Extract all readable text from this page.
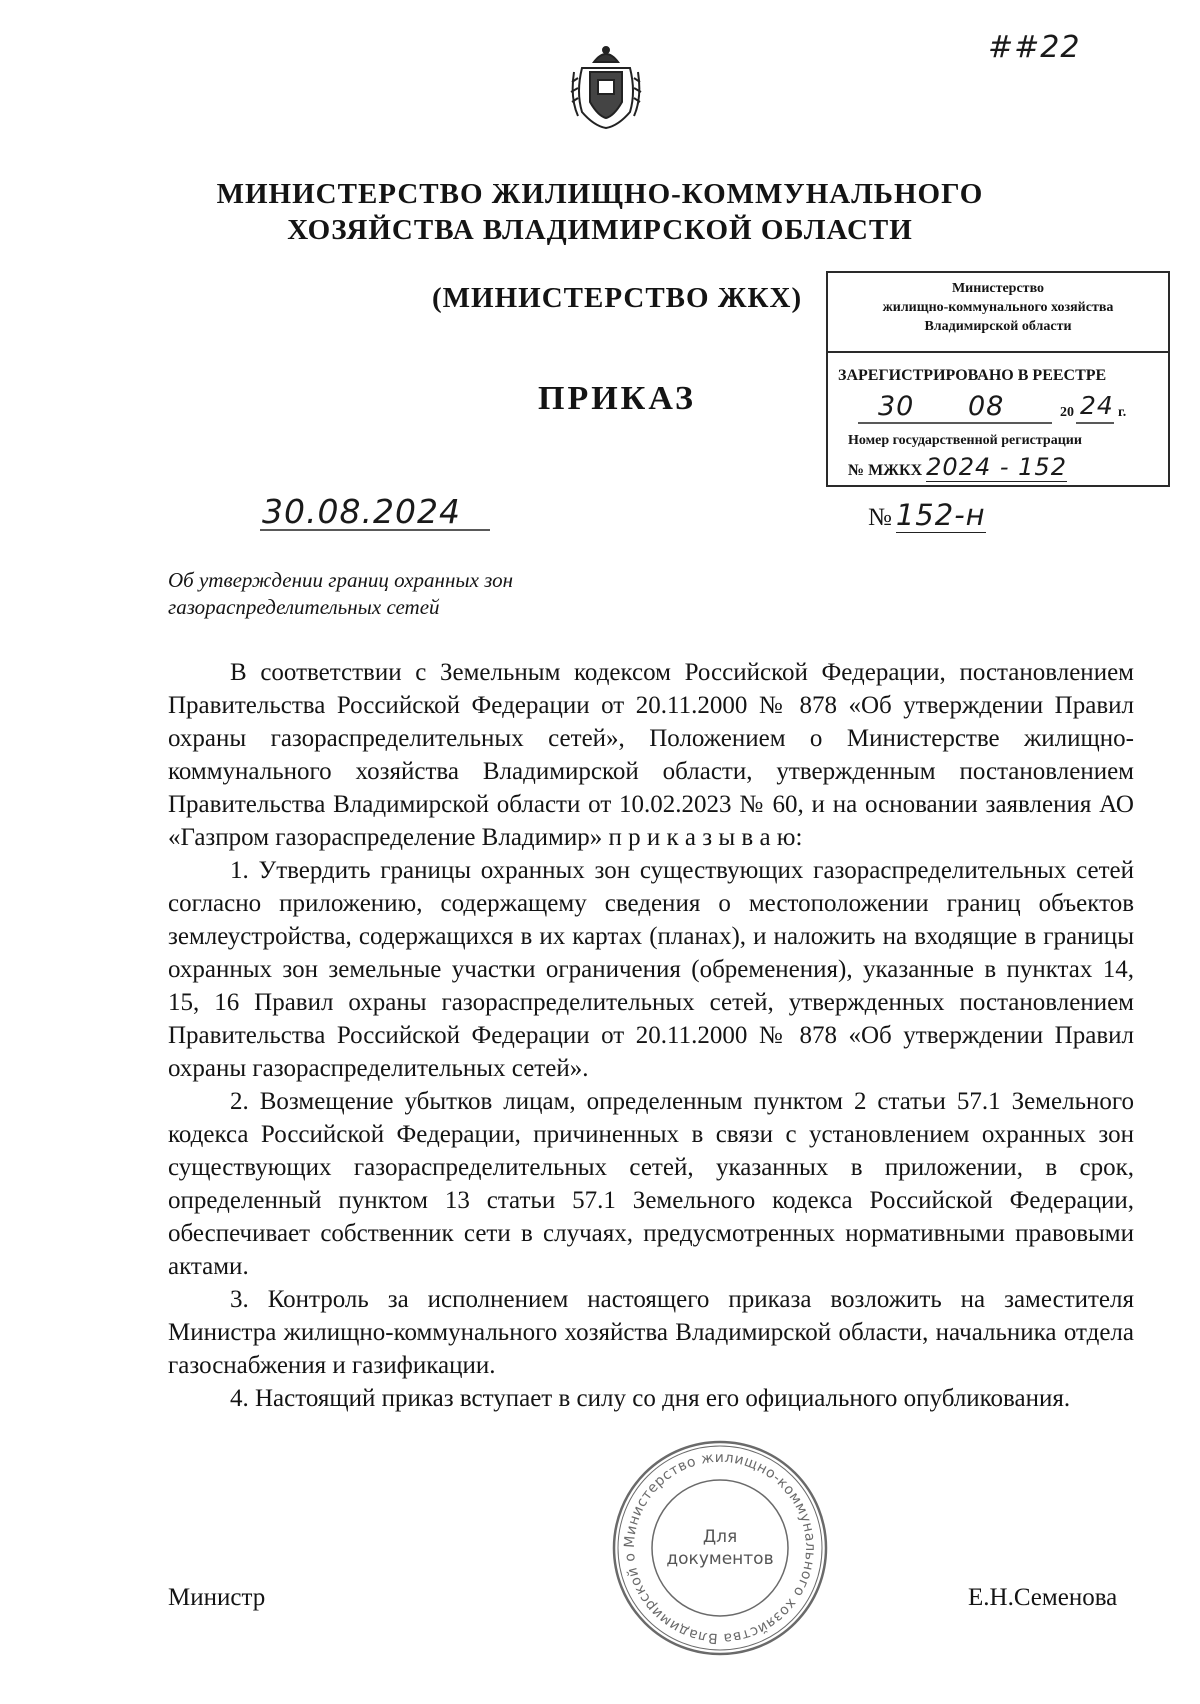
##22
МИНИСТЕРСТВО ЖИЛИЩНО-КОММУНАЛЬНОГО
ХОЗЯЙСТВА ВЛАДИМИРСКОЙ ОБЛАСТИ
(МИНИСТЕРСТВО ЖКХ)	Министерство
жилищно-коммунального хозяйства
Владимирской области
ЗАРЕГИСТРИРОВАНО В РЕЕСТРЕ
30 08	20 24 г.
Номер государственной регистрации
№ МЖКХ 2024 - 152
ПРИКАЗ
30.08.2024	№ 152-н
Об утверждении границ охранных зон
газораспределительных сетей

В соответствии с Земельным кодексом Российской Федерации, постановлением Правительства Российской Федерации от 20.11.2000 № 878 «Об утверждении Правил охраны газораспределительных сетей», Положением о Министерстве жилищно-коммунального хозяйства Владимирской области, утвержденным постановлением Правительства Владимирской области от 10.02.2023 № 60, и на основании заявления АО «Газпром газораспределение Владимир» п р и к а з ы в а ю:

1. Утвердить границы охранных зон существующих газораспределительных сетей согласно приложению, содержащему сведения о местоположении границ объектов землеустройства, содержащихся в их картах (планах), и наложить на входящие в границы охранных зон земельные участки ограничения (обременения), указанные в пунктах 14, 15, 16 Правил охраны газораспределительных сетей, утвержденных постановлением Правительства Российской Федерации от 20.11.2000 № 878 «Об утверждении Правил охраны газораспределительных сетей».

2. Возмещение убытков лицам, определенным пунктом 2 статьи 57.1 Земельного кодекса Российской Федерации, причиненных в связи с установлением охранных зон существующих газораспределительных сетей, указанных в приложении, в срок, определенный пунктом 13 статьи 57.1 Земельного кодекса Российской Федерации, обеспечивает собственник сети в случаях, предусмотренных нормативными правовыми актами.

3. Контроль за исполнением настоящего приказа возложить на заместителя Министра жилищно-коммунального хозяйства Владимирской области, начальника отдела газоснабжения и газификации.

4. Настоящий приказ вступает в силу со дня его официального опубликования.

Министерство жилищно-коммунального хозяйства Владимирской о
Для
документов
Министр	Е.Н.Семенова
